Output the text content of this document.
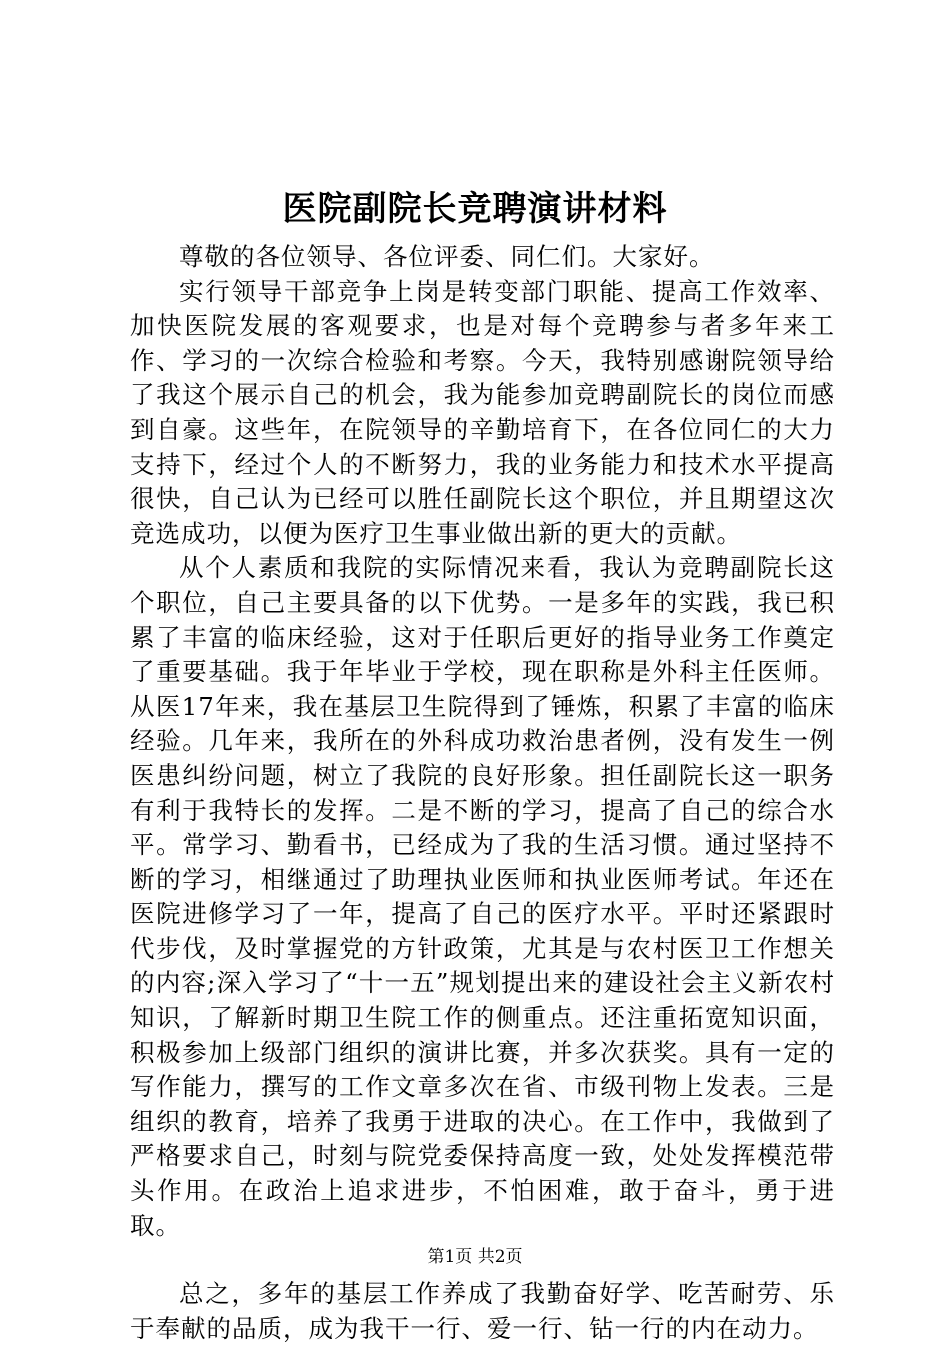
医院副院长竞聘演讲材料

尊敬的各位领导、各位评委、同仁们。大家好。

实行领导干部竞争上岗是转变部门职能、提高工作效率、加快医院发展的客观要求，也是对每个竞聘参与者多年来工作、学习的一次综合检验和考察。今天，我特别感谢院领导给了我这个展示自己的机会，我为能参加竞聘副院长的岗位而感到自豪。这些年，在院领导的辛勤培育下，在各位同仁的大力支持下，经过个人的不断努力，我的业务能力和技术水平提高很快，自己认为已经可以胜任副院长这个职位，并且期望这次竞选成功，以便为医疗卫生事业做出新的更大的贡献。

从个人素质和我院的实际情况来看，我认为竞聘副院长这个职位，自己主要具备的以下优势。一是多年的实践，我已积累了丰富的临床经验，这对于任职后更好的指导业务工作奠定了重要基础。我于年毕业于学校，现在职称是外科主任医师。从医17年来，我在基层卫生院得到了锤炼，积累了丰富的临床经验。几年来，我所在的外科成功救治患者例，没有发生一例医患纠纷问题，树立了我院的良好形象。担任副院长这一职务有利于我特长的发挥。二是不断的学习，提高了自己的综合水平。常学习、勤看书，已经成为了我的生活习惯。通过坚持不断的学习，相继通过了助理执业医师和执业医师考试。年还在医院进修学习了一年，提高了自己的医疗水平。平时还紧跟时代步伐，及时掌握党的方针政策，尤其是与农村医卫工作想关的内容;深入学习了“十一五”规划提出来的建设社会主义新农村知识，了解新时期卫生院工作的侧重点。还注重拓宽知识面，积极参加上级部门组织的演讲比赛，并多次获奖。具有一定的写作能力，撰写的工作文章多次在省、市级刊物上发表。三是组织的教育，培养了我勇于进取的决心。在工作中，我做到了严格要求自己，时刻与院党委保持高度一致，处处发挥模范带头作用。在政治上追求进步，不怕困难，敢于奋斗，勇于进取。

总之，多年的基层工作养成了我勤奋好学、吃苦耐劳、乐于奉献的品质，成为我干一行、爱一行、钻一行的内在动力。

第1页 共2页
